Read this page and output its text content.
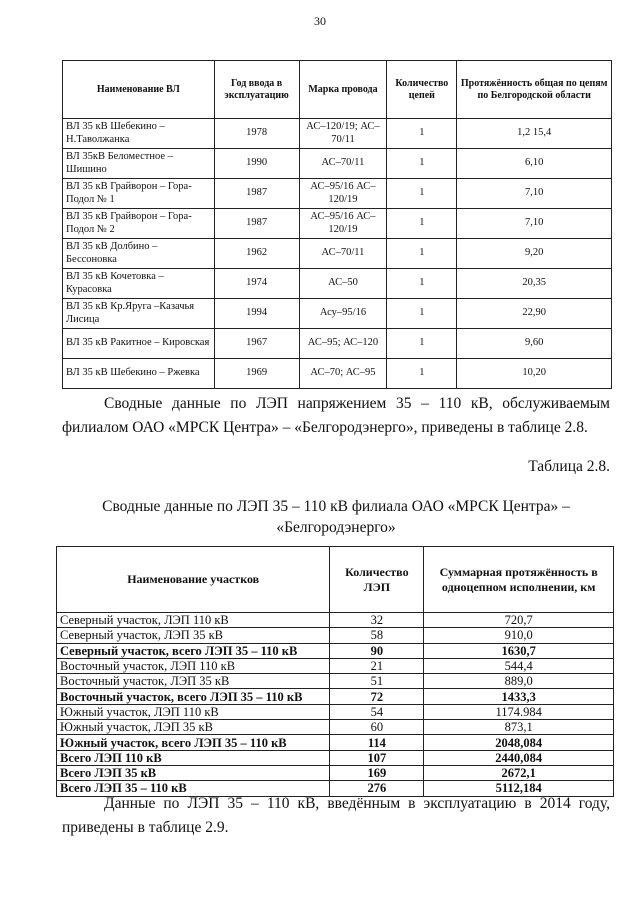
30
Наименование ВЛ	Год ввода в эксплуатацию	Марка провода	Количество цепей	Протяжённость общая по цепям по Белгородской области
ВЛ 35 кВ Шебекино – Н.Таволжанка	1978	АС–120/19; АС–70/11	1	1,2 15,4
ВЛ 35кВ Беломестное – Шишино	1990	АС–70/11	1	6,10
ВЛ 35 кВ Грайворон – Гора-Подол № 1	1987	АС–95/16 АС–120/19	1	7,10
ВЛ 35 кВ Грайворон – Гора-Подол № 2	1987	АС–95/16 АС–120/19	1	7,10
ВЛ 35 кВ Долбино – Бессоновка	1962	АС–70/11	1	9,20
ВЛ 35 кВ Кочетовка – Курасовка	1974	АС–50	1	20,35
ВЛ 35 кВ Кр.Яруга –Казачья Лисица	1994	Асу–95/16	1	22,90
ВЛ 35 кВ Ракитное – Кировская	1967	АС–95; АС–120	1	9,60
ВЛ 35 кВ Шебекино – Ржевка	1969	АС–70; АС–95	1	10,20
Сводные данные по ЛЭП напряжением 35 – 110 кВ, обслуживаемым филиалом ОАО «МРСК Центра» – «Белгородэнерго», приведены в таблице 2.8.
Таблица 2.8.
Сводные данные по ЛЭП 35 – 110 кВ филиала ОАО «МРСК Центра» – «Белгородэнерго»
Наименование участков	Количество ЛЭП	Суммарная протяжённость в одноцепном исполнении, км
Северный участок, ЛЭП 110 кВ	32	720,7
Северный участок, ЛЭП 35 кВ	58	910,0
Северный участок, всего ЛЭП 35 – 110 кВ	90	1630,7
Восточный участок, ЛЭП 110 кВ	21	544,4
Восточный участок, ЛЭП 35 кВ	51	889,0
Восточный участок, всего ЛЭП 35 – 110 кВ	72	1433,3
Южный участок, ЛЭП 110 кВ	54	1174.984
Южный участок, ЛЭП 35 кВ	60	873,1
Южный участок, всего ЛЭП 35 – 110 кВ	114	2048,084
Всего ЛЭП 110 кВ	107	2440,084
Всего ЛЭП 35 кВ	169	2672,1
Всего ЛЭП 35 – 110 кВ	276	5112,184
Данные по ЛЭП 35 – 110 кВ, введённым в эксплуатацию в 2014 году, приведены в таблице 2.9.
